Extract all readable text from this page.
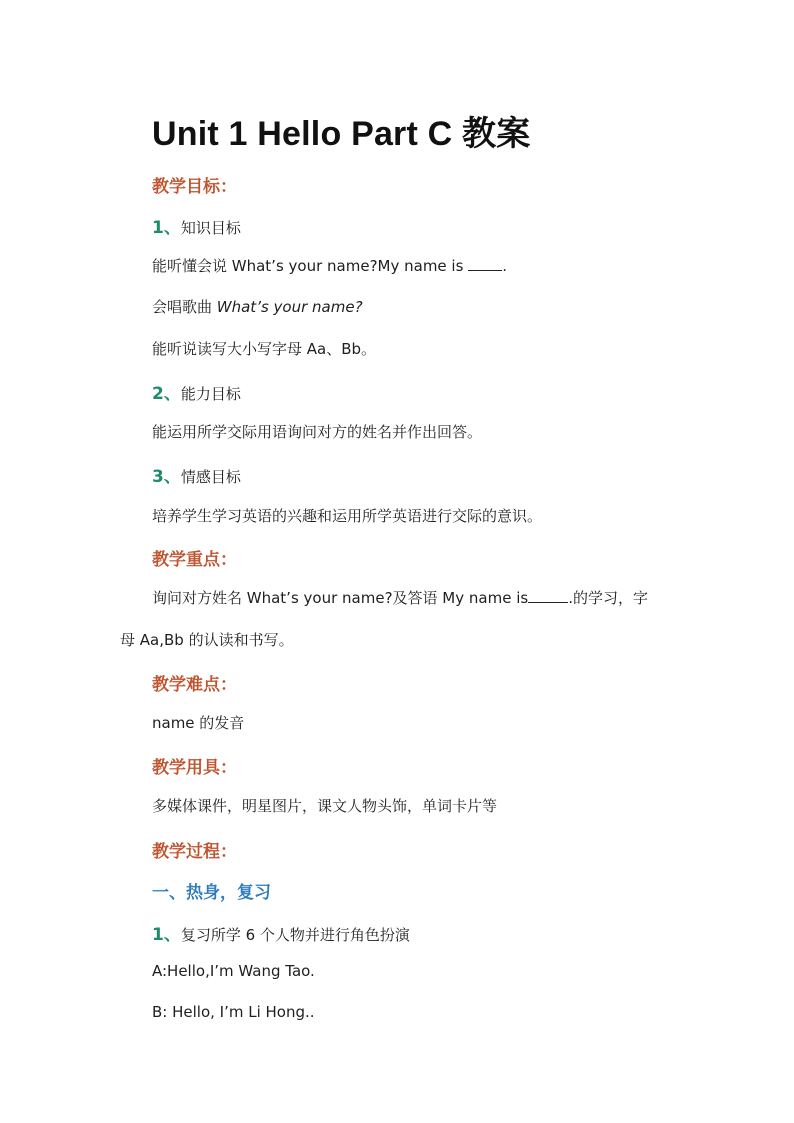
Unit 1 Hello Part C 教案
教学目标：
1、知识目标
能听懂会说 What’s your name?My name is	.
会唱歌曲 What’s your name?
能听说读写大小写字母 Aa、Bb。
2、能力目标
能运用所学交际用语询问对方的姓名并作出回答。
3、情感目标
培养学生学习英语的兴趣和运用所学英语进行交际的意识。
教学重点：
询问对方姓名 What’s your name?及答语 My name is	.的学习，字
母 Aa,Bb 的认读和书写。
教学难点：
name 的发音
教学用具：
多媒体课件，明星图片，课文人物头饰，单词卡片等
教学过程：
一、热身，复习
1、复习所学 6 个人物并进行角色扮演
A:Hello,I’m Wang Tao.
B: Hello, I’m Li Hong..
